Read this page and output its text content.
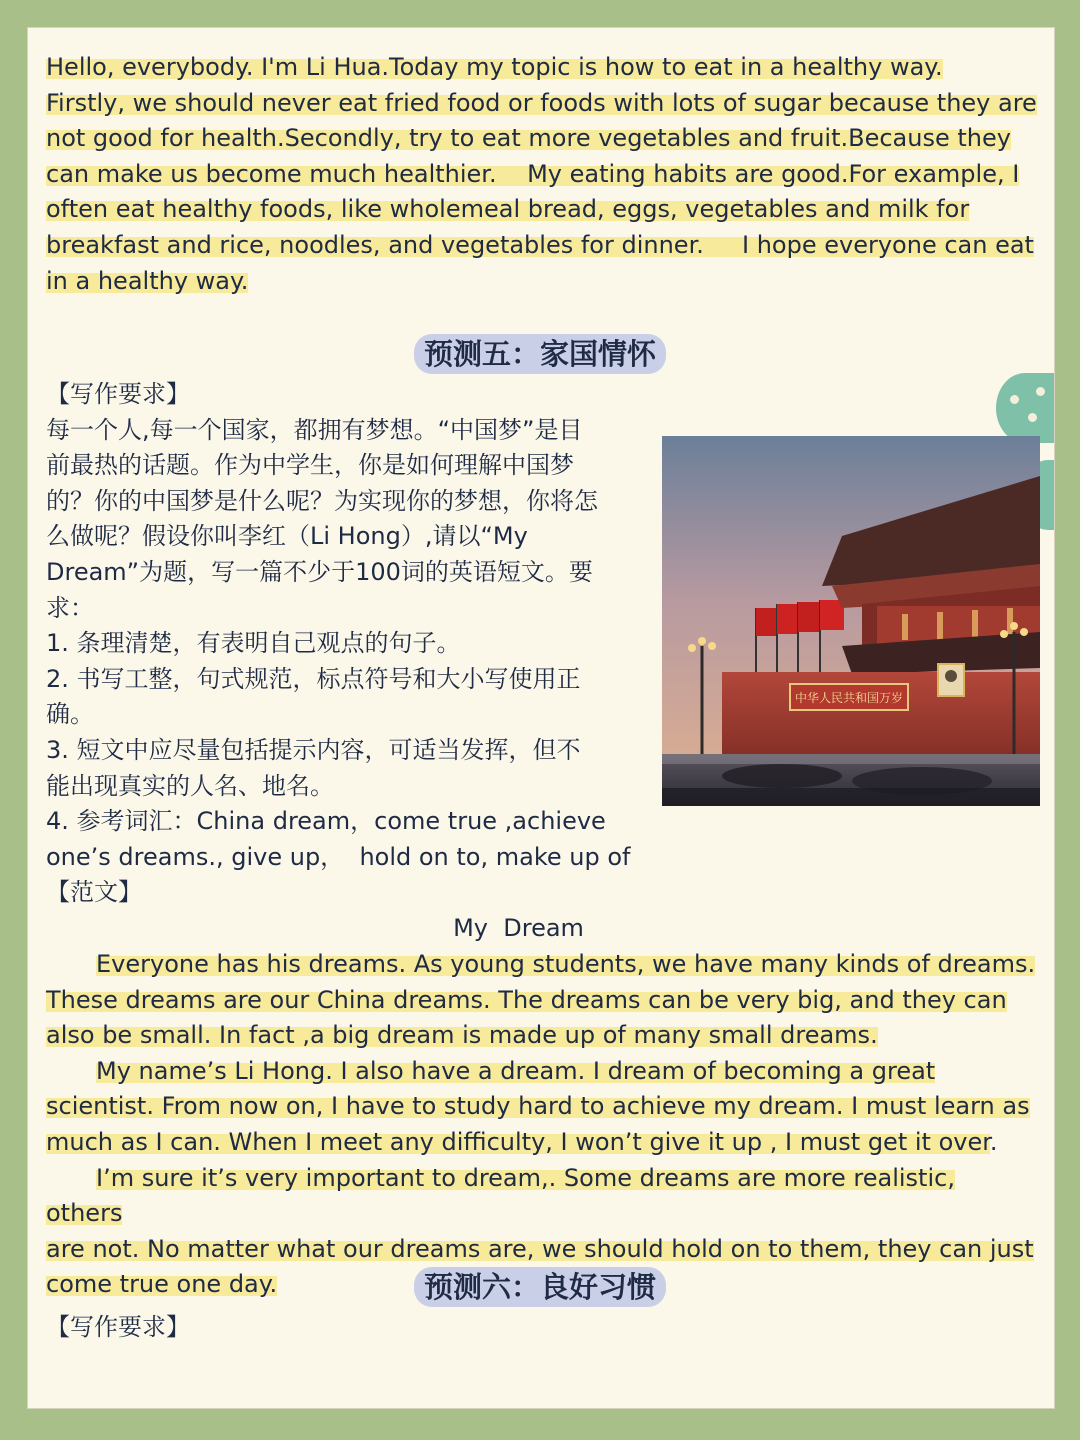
Hello, everybody. I'm Li Hua.Today my topic is how to eat in a healthy way.
Firstly, we should never eat fried food or foods with lots of sugar because they are
not good for health.Secondly, try to eat more vegetables and fruit.Because they
can make us become much healthier.    My eating habits are good.For example, I
often eat healthy foods, like wholemeal bread, eggs, vegetables and milk for
breakfast and rice, noodles, and vegetables for dinner.     I hope everyone can eat
in a healthy way.
预测五：家国情怀
【写作要求】
每一个人,每一个国家，都拥有梦想。“中国梦”是目
前最热的话题。作为中学生，你是如何理解中国梦
的？你的中国梦是什么呢？为实现你的梦想，你将怎
么做呢？假设你叫李红（Li Hong）,请以“My
Dream”为题，写一篇不少于100词的英语短文。要
求：
1. 条理清楚，有表明自己观点的句子。
2. 书写工整，句式规范，标点符号和大小写使用正
确。
3. 短文中应尽量包括提示内容，可适当发挥，但不
能出现真实的人名、地名。
4. 参考词汇：China dream，come true ,achieve
one’s dreams., give up，  hold on to, make up of
【范文】
中华人民共和国万岁
My  Dream
Everyone has his dreams. As young students, we have many kinds of dreams.
These dreams are our China dreams. The dreams can be very big, and they can
also be small. In fact ,a big dream is made up of many small dreams.
My name’s Li Hong. I also have a dream. I dream of becoming a great
scientist. From now on, I have to study hard to achieve my dream. I must learn as
much as I can. When I meet any difficulty, I won’t give it up , I must get it over.
I’m sure it’s very important to dream,. Some dreams are more realistic, others
are not. No matter what our dreams are, we should hold on to them, they can just
come true one day.	预测六：良好习惯
【写作要求】
